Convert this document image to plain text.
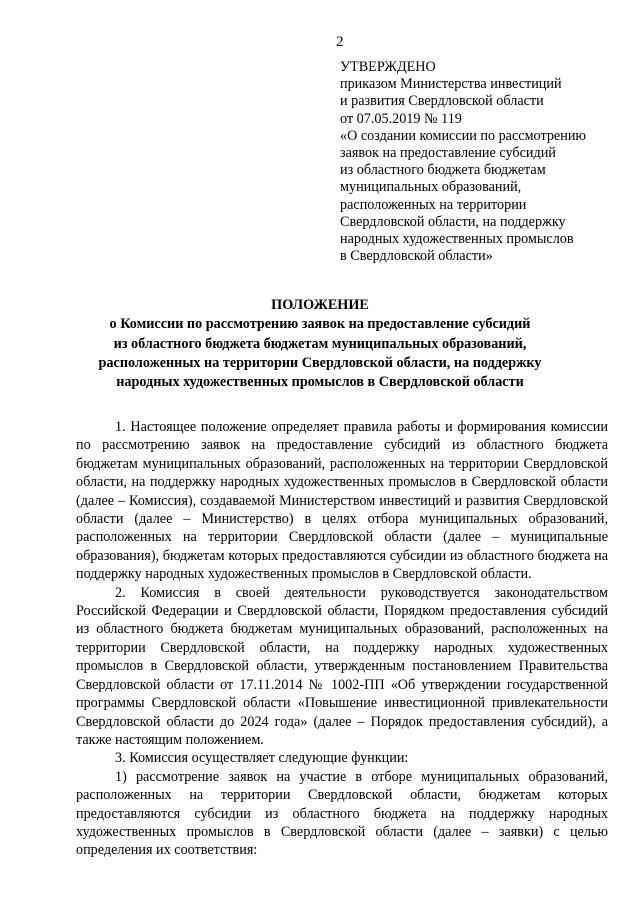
2
УТВЕРЖДЕНО
приказом Министерства инвестиций
и развития Свердловской области
от 07.05.2019 № 119
«О создании комиссии по рассмотрению
заявок на предоставление субсидий
из областного бюджета бюджетам
муниципальных образований,
расположенных на территории
Свердловской области, на поддержку
народных художественных промыслов
в Свердловской области»
ПОЛОЖЕНИЕ
о Комиссии по рассмотрению заявок на предоставление субсидий
из областного бюджета бюджетам муниципальных образований,
расположенных на территории Свердловской области, на поддержку
народных художественных промыслов в Свердловской области

1. Настоящее положение определяет правила работы и формирования комиссии по рассмотрению заявок на предоставление субсидий из областного бюджета бюджетам муниципальных образований, расположенных на территории Свердловской области, на поддержку народных художественных промыслов в Свердловской области (далее – Комиссия), создаваемой Министерством инвестиций и развития Свердловской области (далее – Министерство) в целях отбора муниципальных образований, расположенных на территории Свердловской области (далее – муниципальные образования), бюджетам которых предоставляются субсидии из областного бюджета на поддержку народных художественных промыслов в Свердловской области.

2. Комиссия в своей деятельности руководствуется законодательством Российской Федерации и Свердловской области, Порядком предоставления субсидий из областного бюджета бюджетам муниципальных образований, расположенных на территории Свердловской области, на поддержку народных художественных промыслов в Свердловской области, утвержденным постановлением Правительства Свердловской области от 17.11.2014 № 1002-ПП «Об утверждении государственной программы Свердловской области «Повышение инвестиционной привлекательности Свердловской области до 2024 года» (далее – Порядок предоставления субсидий), а также настоящим положением.

3. Комиссия осуществляет следующие функции:

1) рассмотрение заявок на участие в отборе муниципальных образований, расположенных на территории Свердловской области, бюджетам которых предоставляются субсидии из областного бюджета на поддержку народных художественных промыслов в Свердловской области (далее – заявки) с целью определения их соответствия:
